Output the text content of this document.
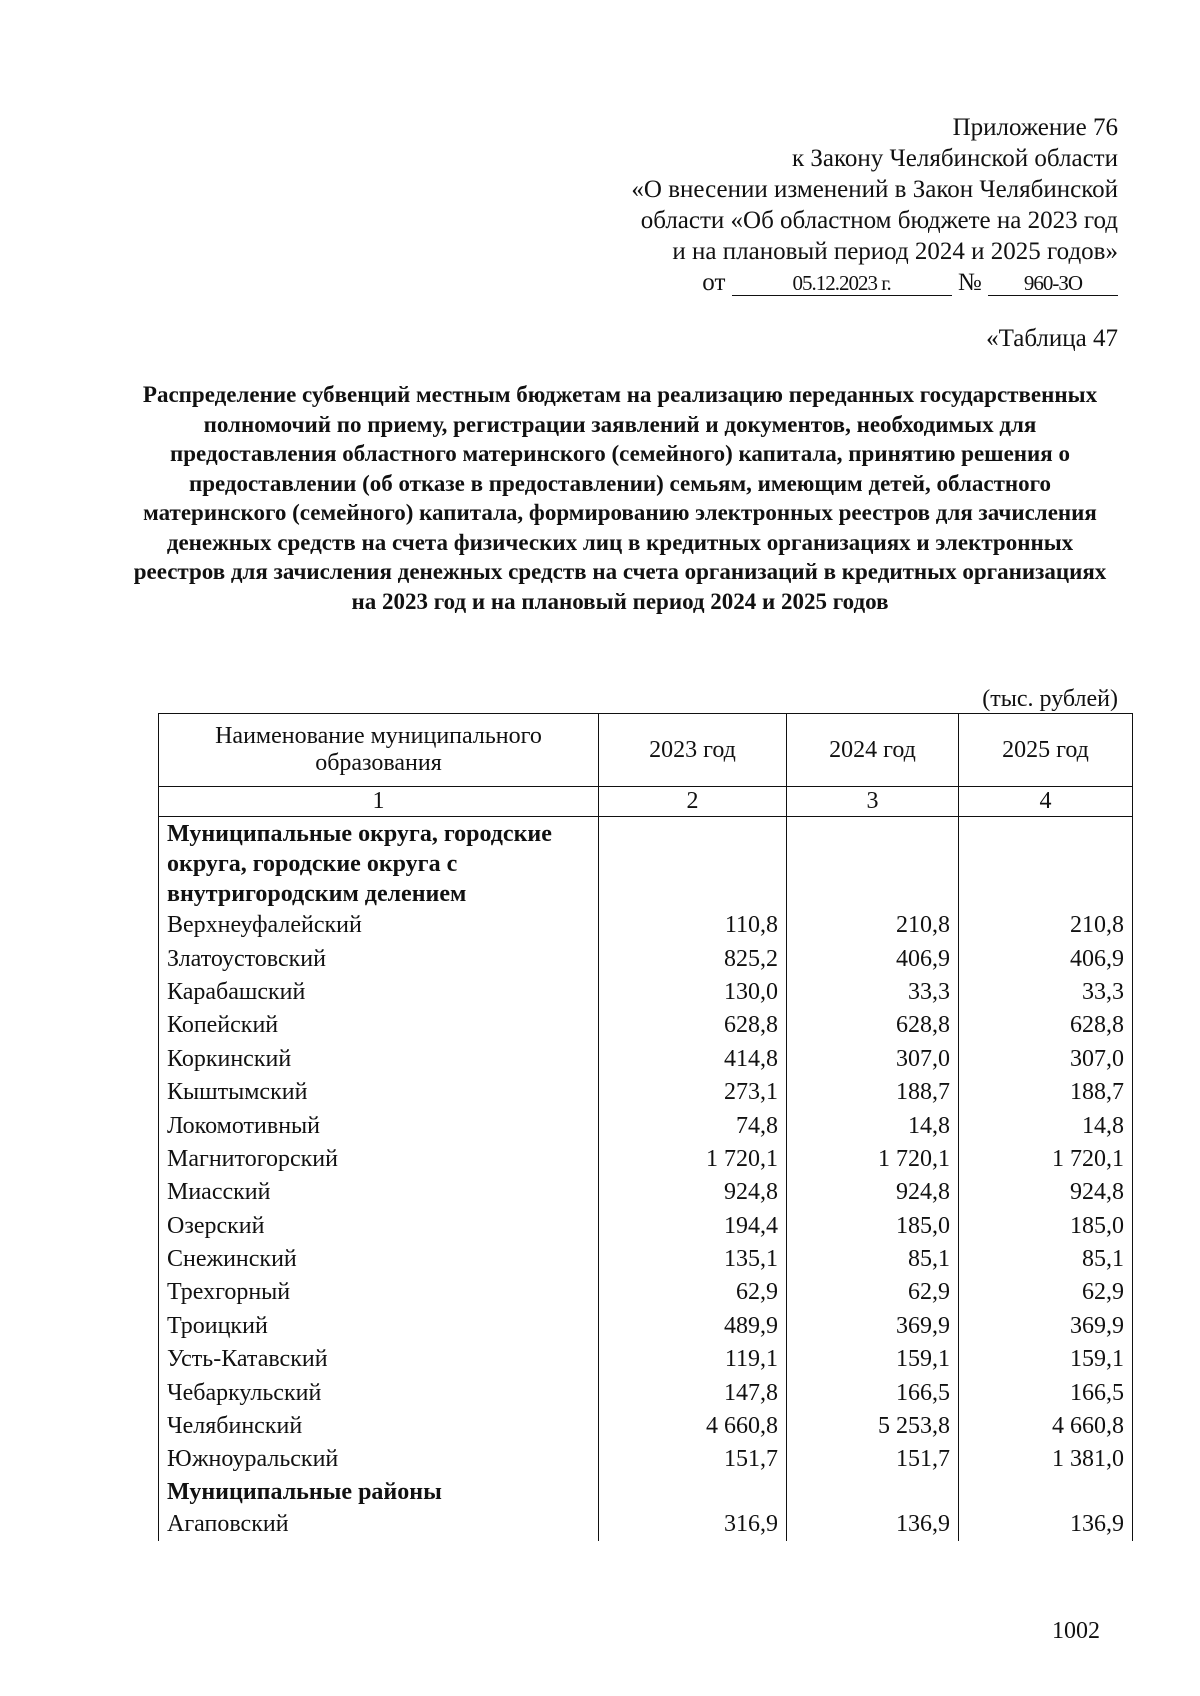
Приложение 76
к Закону Челябинской области
«О внесении изменений в Закон Челябинской
области «Об областном бюджете на 2023 год
и на плановый период 2024 и 2025 годов»
от	05.12.2023 г.	№ 960-ЗО
«Таблица 47
Распределение субвенций местным бюджетам на реализацию переданных государственных полномочий по приему, регистрации заявлений и документов, необходимых для предоставления областного материнского (семейного) капитала, принятию решения о предоставлении (об отказе в предоставлении) семьям, имеющим детей, областного материнского (семейного) капитала, формированию электронных реестров для зачисления денежных средств на счета физических лиц в кредитных организациях и электронных реестров для зачисления денежных средств на счета организаций в кредитных организациях на 2023 год и на плановый период 2024 и 2025 годов
(тыс. рублей)
Наименование муниципального образования	2023 год	2024 год	2025 год
1	2	3	4
Муниципальные округа, городские округа, городские округа с внутригородским делением			
Верхнеуфалейский	110,8	210,8	210,8
Златоустовский	825,2	406,9	406,9
Карабашский	130,0	33,3	33,3
Копейский	628,8	628,8	628,8
Коркинский	414,8	307,0	307,0
Кыштымский	273,1	188,7	188,7
Локомотивный	74,8	14,8	14,8
Магнитогорский	1 720,1	1 720,1	1 720,1
Миасский	924,8	924,8	924,8
Озерский	194,4	185,0	185,0
Снежинский	135,1	85,1	85,1
Трехгорный	62,9	62,9	62,9
Троицкий	489,9	369,9	369,9
Усть-Катавский	119,1	159,1	159,1
Чебаркульский	147,8	166,5	166,5
Челябинский	4 660,8	5 253,8	4 660,8
Южноуральский	151,7	151,7	1 381,0
Муниципальные районы			
Агаповский	316,9	136,9	136,9
1002
